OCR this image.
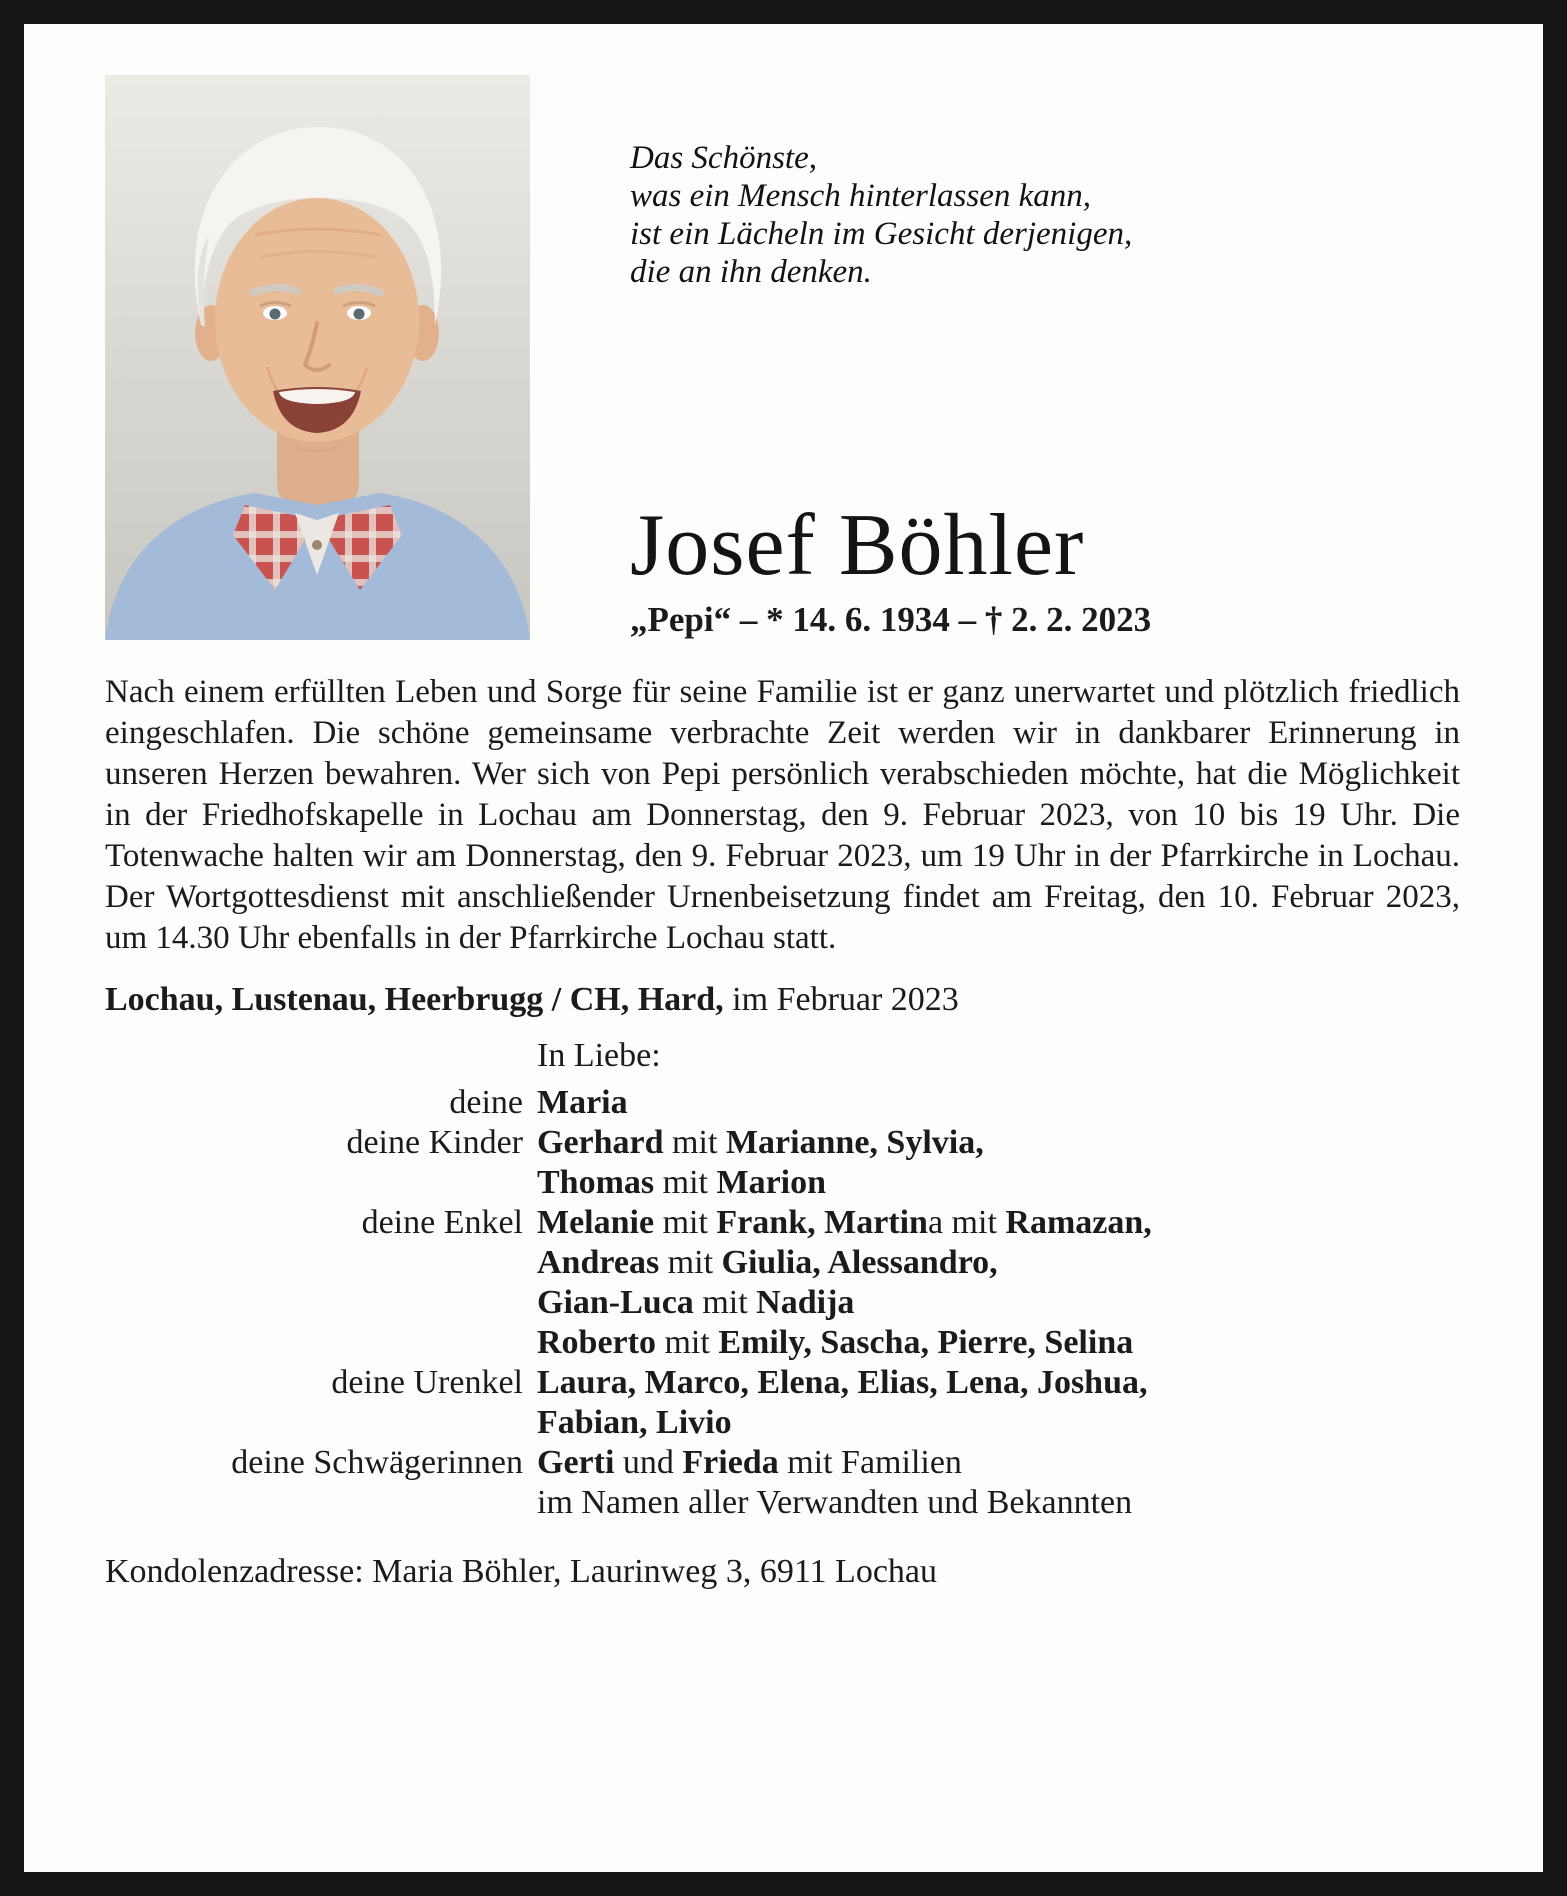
Das Schönste,
was ein Mensch hinterlassen kann,
ist ein Lächeln im Gesicht derjenigen,
die an ihn denken.
Josef Böhler
„Pepi“ – * 14. 6. 1934 – † 2. 2. 2023

Nach einem erfüllten Leben und Sorge für seine Familie ist er ganz unerwartet und plötzlich friedlich eingeschlafen. Die schöne gemeinsame verbrachte Zeit werden wir in dankbarer Erinnerung in unseren Herzen bewahren. Wer sich von Pepi persönlich verabschieden möchte, hat die Möglichkeit in der Friedhofskapelle in Lochau am Donnerstag, den 9. Februar 2023, von 10 bis 19 Uhr. Die Totenwache halten wir am Donnerstag, den 9. Februar 2023, um 19 Uhr in der Pfarrkirche in Lochau. Der Wortgottesdienst mit anschließender Urnenbeisetzung findet am Freitag, den 10. Februar 2023, um 14.30 Uhr ebenfalls in der Pfarrkirche Lochau statt.

Lochau, Lustenau, Heerbrugg / CH, Hard, im Februar 2023

In Liebe:
deine Maria
deine Kinder Gerhard mit Marianne, Sylvia,
Thomas mit Marion
deine Enkel Melanie mit Frank, Martina mit Ramazan,
Andreas mit Giulia, Alessandro,
Gian-Luca mit Nadija
Roberto mit Emily, Sascha, Pierre, Selina
deine Urenkel Laura, Marco, Elena, Elias, Lena, Joshua,
Fabian, Livio
deine Schwägerinnen Gerti und Frieda mit Familien
im Namen aller Verwandten und Bekannten

Kondolenzadresse: Maria Böhler, Laurinweg 3, 6911 Lochau
